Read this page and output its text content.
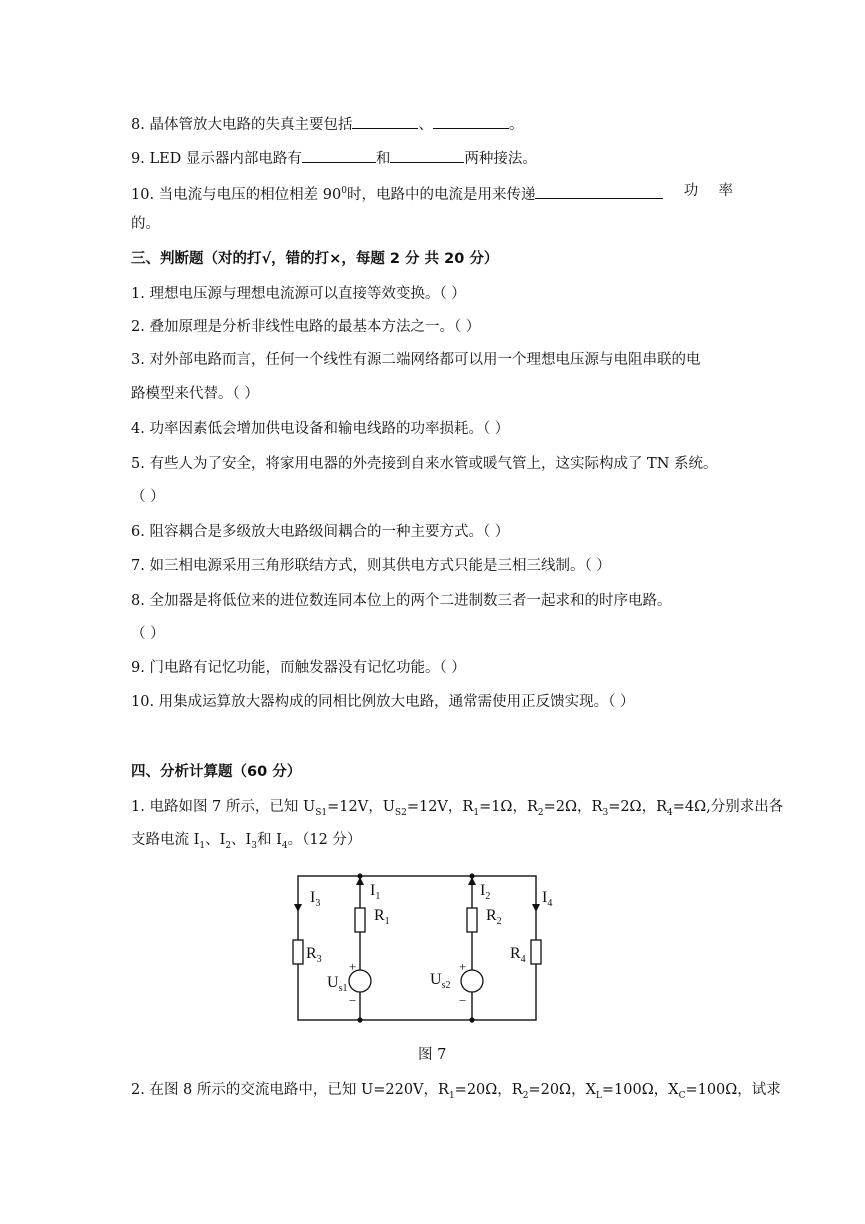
8. 晶体管放大电路的失真主要包括	、	。
9. LED 显示器内部电路有	和	两种接法。
10. 当电流与电压的相位相差 $90^0$时，电路中的电流是用来传递	功 率
的。
三、判断题（对的打√，错的打×，每题 2 分 共 20 分）
1. 理想电压源与理想电流源可以直接等效变换。（ ）
2. 叠加原理是分析非线性电路的最基本方法之一。（ ）
3. 对外部电路而言，任何一个线性有源二端网络都可以用一个理想电压源与电阻串联的电
路模型来代替。（ ）
4. 功率因素低会增加供电设备和输电线路的功率损耗。（ ）
5. 有些人为了安全，将家用电器的外壳接到自来水管或暖气管上，这实际构成了 TN 系统。
（ ）
6. 阻容耦合是多级放大电路级间耦合的一种主要方式。（ ）
7. 如三相电源采用三角形联结方式，则其供电方式只能是三相三线制。（ ）
8. 全加器是将低位来的进位数连同本位上的两个二进制数三者一起求和的时序电路。
（ ）
9. 门电路有记忆功能，而触发器没有记忆功能。（ ）
10. 用集成运算放大器构成的同相比例放大电路，通常需使用正反馈实现。（ ）
四、分析计算题（60 分）
1. 电路如图 7 所示，已知 $U_{S1}=12V$，$U_{S2}=12V$，$R_1=1\Omega$，$R_2=2\Omega$，$R_3=2\Omega$，$R_4=4\Omega$,分别求出各
支路电流 $I_1$、$I_2$、$I_3$和 $I_4$。（12 分）
$I_3$
$I_1$
$R_1$
$I_2$
$R_2$
$I_4$
$R_3$	$R_4$
$U_{s1}$
$U_{s2}$
+
−
+
−
图 7
2. 在图 8 所示的交流电路中，已知 U=220V，$R_1=20\Omega$，$R_2=20\Omega$，$X_L=100\Omega$，$X_C=100\Omega$，试求
